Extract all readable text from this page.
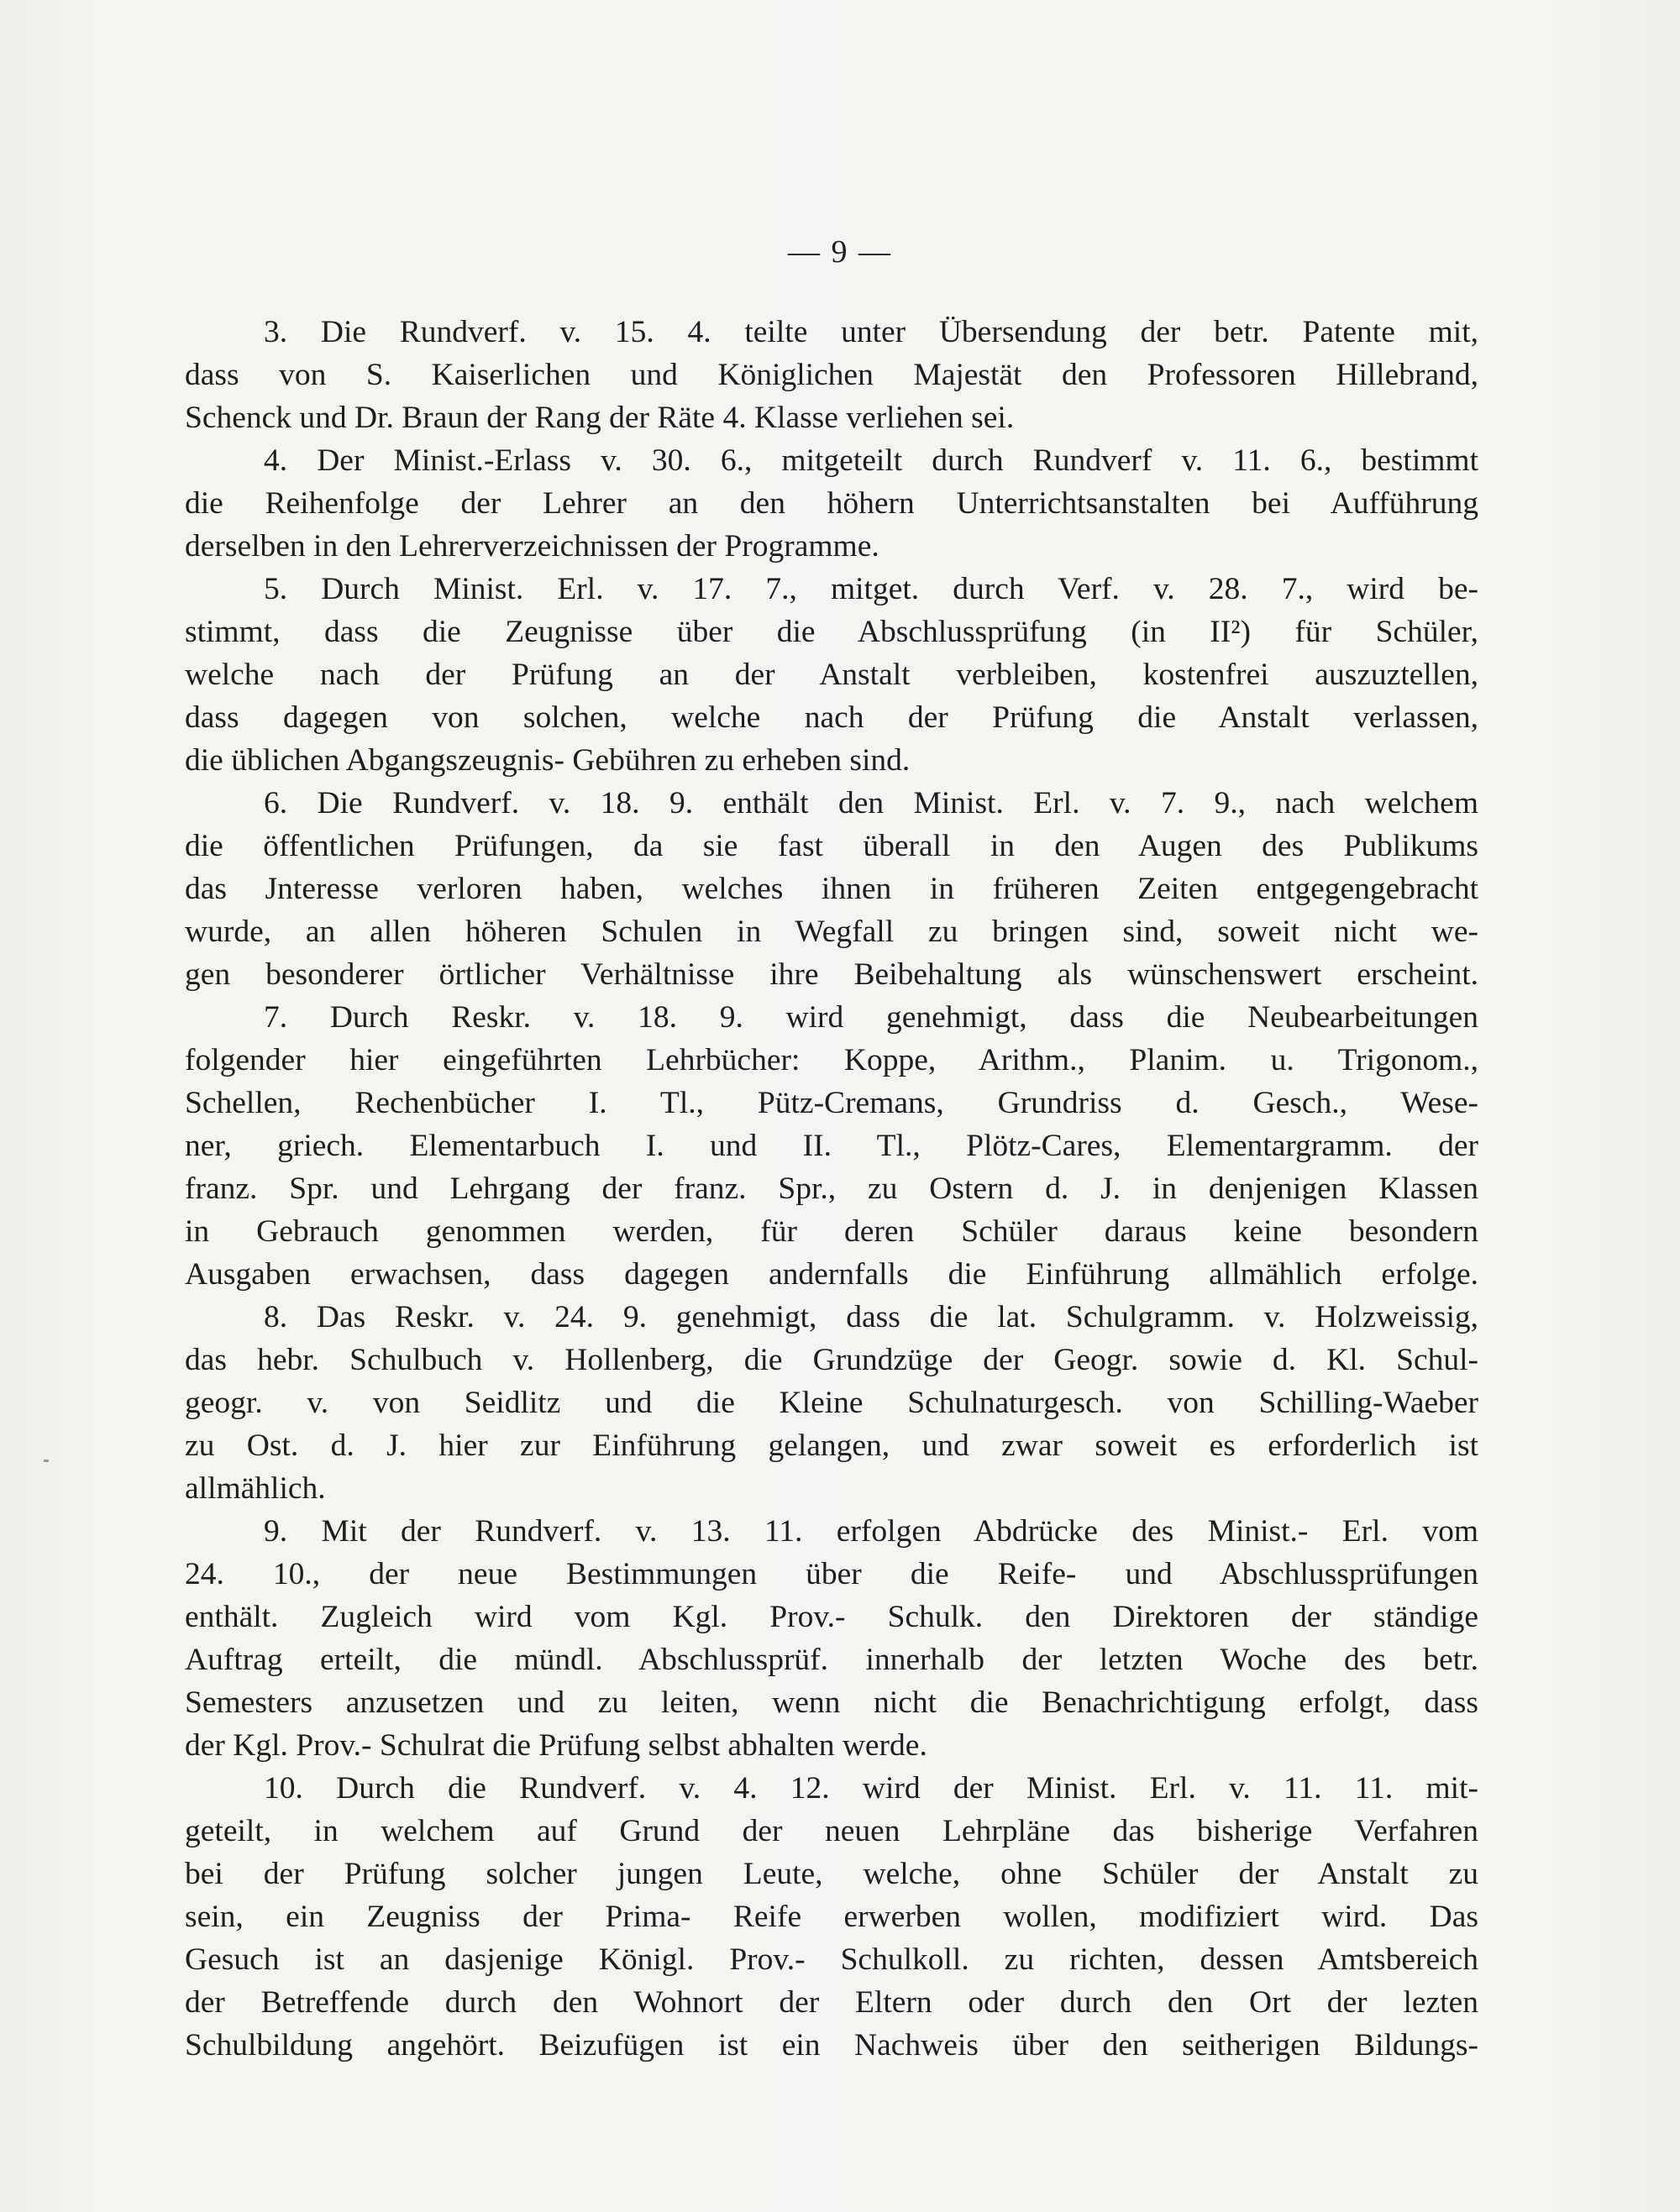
— 9 —

3. Die Rundverf. v. 15. 4. teilte unter Übersendung der betr. Patente mit,
dass von S. Kaiserlichen und Königlichen Majestät den Professoren Hillebrand,
Schenck und Dr. Braun der Rang der Räte 4. Klasse verliehen sei.

4. Der Minist.-Erlass v. 30. 6., mitgeteilt durch Rundverf v. 11. 6., bestimmt
die Reihenfolge der Lehrer an den höhern Unterrichtsanstalten bei Aufführung
derselben in den Lehrerverzeichnissen der Programme.

5. Durch Minist. Erl. v. 17. 7., mitget. durch Verf. v. 28. 7., wird be-
stimmt, dass die Zeugnisse über die Abschlussprüfung (in II²) für Schüler,
welche nach der Prüfung an der Anstalt verbleiben, kostenfrei auszuztellen,
dass dagegen von solchen, welche nach der Prüfung die Anstalt verlassen,
die üblichen Abgangszeugnis- Gebühren zu erheben sind.

6. Die Rundverf. v. 18. 9. enthält den Minist. Erl. v. 7. 9., nach welchem
die öffentlichen Prüfungen, da sie fast überall in den Augen des Publikums
das Jnteresse verloren haben, welches ihnen in früheren Zeiten entgegengebracht
wurde, an allen höheren Schulen in Wegfall zu bringen sind, soweit nicht we-
gen besonderer örtlicher Verhältnisse ihre Beibehaltung als wünschenswert erscheint.

7. Durch Reskr. v. 18. 9. wird genehmigt, dass die Neubearbeitungen
folgender hier eingeführten Lehrbücher: Koppe, Arithm., Planim. u. Trigonom.,
Schellen, Rechenbücher I. Tl., Pütz-Cremans, Grundriss d. Gesch., Wese-
ner, griech. Elementarbuch I. und II. Tl., Plötz-Cares, Elementargramm. der
franz. Spr. und Lehrgang der franz. Spr., zu Ostern d. J. in denjenigen Klassen
in Gebrauch genommen werden, für deren Schüler daraus keine besondern
Ausgaben erwachsen, dass dagegen andernfalls die Einführung allmählich erfolge.

8. Das Reskr. v. 24. 9. genehmigt, dass die lat. Schulgramm. v. Holzweissig,
das hebr. Schulbuch v. Hollenberg, die Grundzüge der Geogr. sowie d. Kl. Schul-
geogr. v. von Seidlitz und die Kleine Schulnaturgesch. von Schilling-Waeber
zu Ost. d. J. hier zur Einführung gelangen, und zwar soweit es erforderlich ist
allmählich.

9. Mit der Rundverf. v. 13. 11. erfolgen Abdrücke des Minist.- Erl. vom
24. 10., der neue Bestimmungen über die Reife- und Abschlussprüfungen
enthält. Zugleich wird vom Kgl. Prov.- Schulk. den Direktoren der ständige
Auftrag erteilt, die mündl. Abschlussprüf. innerhalb der letzten Woche des betr.
Semesters anzusetzen und zu leiten, wenn nicht die Benachrichtigung erfolgt, dass
der Kgl. Prov.- Schulrat die Prüfung selbst abhalten werde.

10. Durch die Rundverf. v. 4. 12. wird der Minist. Erl. v. 11. 11. mit-
geteilt, in welchem auf Grund der neuen Lehrpläne das bisherige Verfahren
bei der Prüfung solcher jungen Leute, welche, ohne Schüler der Anstalt zu
sein, ein Zeugniss der Prima- Reife erwerben wollen, modifiziert wird. Das
Gesuch ist an dasjenige Königl. Prov.- Schulkoll. zu richten, dessen Amtsbereich
der Betreffende durch den Wohnort der Eltern oder durch den Ort der lezten
Schulbildung angehört. Beizufügen ist ein Nachweis über den seitherigen Bildungs-
